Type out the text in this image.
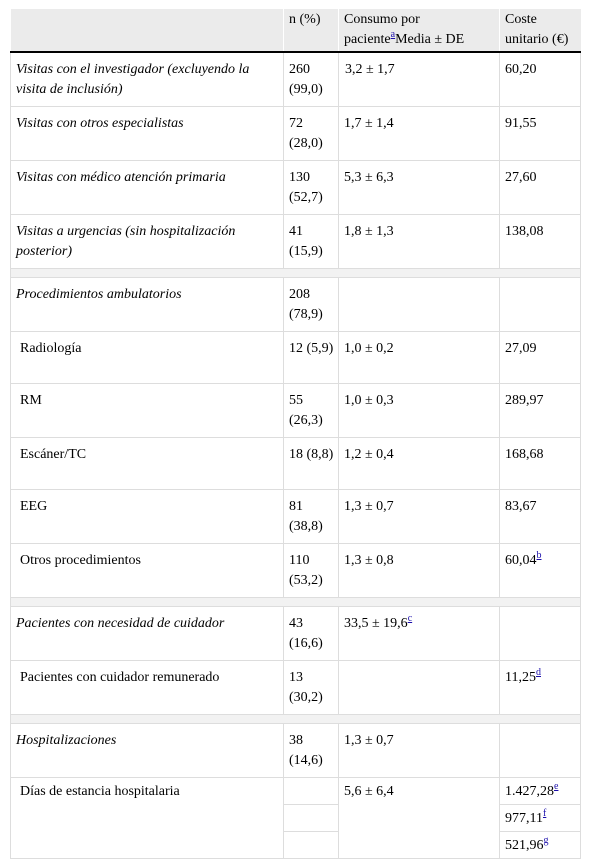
	n (%)	Consumo por
paciente$^a$Media ± DE	Coste
unitario (€)
Visitas con el investigador (excluyendo la visita de inclusión)	260 (99,0)	3,2 ± 1,7	60,20
Visitas con otros especialistas	72 (28,0)	1,7 ± 1,4	91,55
Visitas con médico atención primaria	130 (52,7)	5,3 ± 6,3	27,60
Visitas a urgencias (sin hospitalización posterior)	41 (15,9)	1,8 ± 1,3	138,08

Procedimientos ambulatorios	208 (78,9)		
Radiología	12 (5,9)	1,0 ± 0,2	27,09
RM	55 (26,3)	1,0 ± 0,3	289,97
Escáner/TC	18 (8,8)	1,2 ± 0,4	168,68
EEG	81 (38,8)	1,3 ± 0,7	83,67
Otros procedimientos	110 (53,2)	1,3 ± 0,8	60,04$^b$

Pacientes con necesidad de cuidador	43 (16,6)	33,5 ± 19,6$^c$	
Pacientes con cuidador remunerado	13 (30,2)		11,25$^d$

Hospitalizaciones	38 (14,6)	1,3 ± 0,7	
Días de estancia hospitalaria		5,6 ± 6,4	1.427,28e
			977,11$^f$
			521,96$^g$
